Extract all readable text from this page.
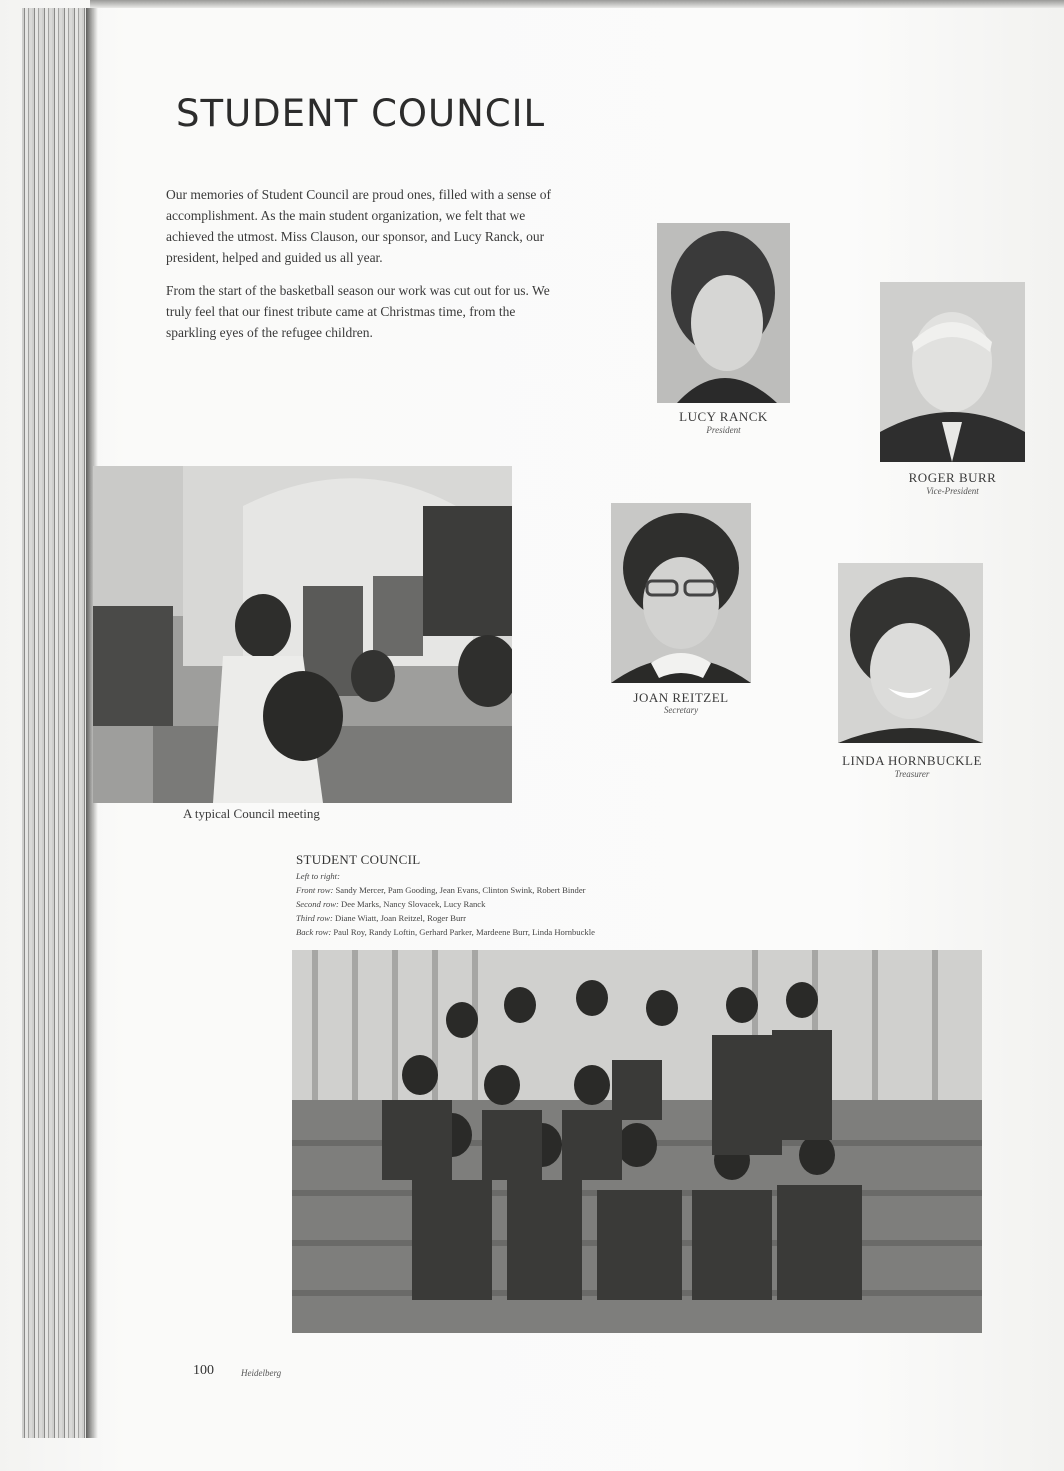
STUDENT COUNCIL

Our memories of Student Council are proud ones, filled with a sense of accomplishment. As the main student organization, we felt that we achieved the utmost. Miss Clauson, our sponsor, and Lucy Ranck, our president, helped and guided us all year.

From the start of the basketball season our work was cut out for us. We truly feel that our finest tribute came at Christmas time, from the sparkling eyes of the refugee children.

LUCY RANCK
President
ROGER BURR
Vice-President
A typical Council meeting
JOAN REITZEL
Secretary
LINDA HORNBUCKLE
Treasurer
STUDENT COUNCIL
Left to right:
Front row: Sandy Mercer, Pam Gooding, Jean Evans, Clinton Swink, Robert Binder
Second row: Dee Marks, Nancy Slovacek, Lucy Ranck
Third row: Diane Wiatt, Joan Reitzel, Roger Burr
Back row: Paul Roy, Randy Loftin, Gerhard Parker, Mardeene Burr, Linda Hornbuckle
100	Heidelberg
